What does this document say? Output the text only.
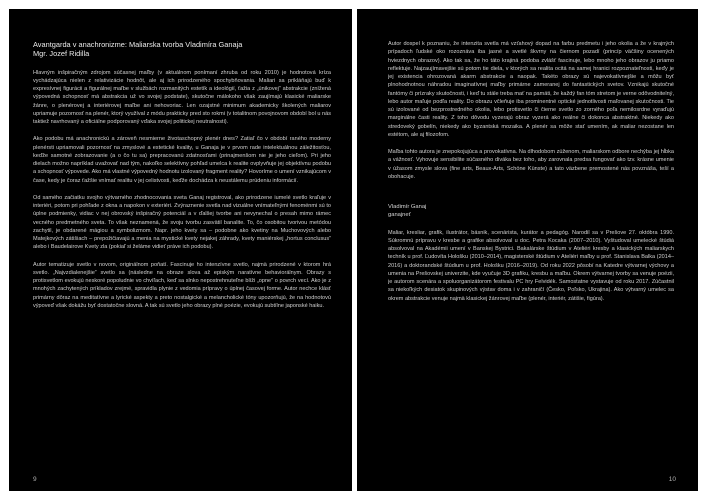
Avantgarda v anachronizme: Maliarska tvorba Vladimíra Ganaja
Mgr. Jozef Ridilla

Hlavným inšpiračným zdrojom súčasnej maľby (v aktuálnom ponímaní zhruba od roku 2010) je hodnotová kríza vychádzajúca nielen z relativizácie hodnôt, ale aj ich prirodzeného spochybňovania. Maliari sa prikláňajú buď k expresívnej figurácii a figurálnej maľbe v službách rozmanitých estetík a ideológií, ťažia z „únikovej” abstrakcie (znížená výpovedná schopnosť má abstrakcia už vo svojej podstate), skutočne málokoho však zaujímajú klasické maliarske žánre, o plenérovej a interiérovej maľbe ani nehovoriac. Len ozajstné minimum akademicky školených maliarov upriamuje pozornosť na plenér, ktorý využíval z módu prakticky pred sto rokmi (v totalitnom povojnovom období bol u nás taktiež navrhovaný a oficiálne podporovaný vďaka svojej politickej neutralnosti).

Ako podobu má anachronickú a zároveň nesmierne životaschopný plenér dnes? Zatiaľ čo v období raného moderny plenérsti upriamovali pozornosť na zmyslové a estetické kvality, u Ganaja je v prvom rade intelektuálnou záležitosťou, keďže samotné zobrazovanie (a o čo tu sa) prepracovanú zdatnosťami (prinajmenšom nie je jeho cieľom). Pri jeho dielach možno napríklad uvažovať nad tým, nakoľko selektívny pohľad umelca k realite ovplyvňuje jej objektívnu podobu a schopnosť výpovede. Ako má vlastné výpovedný hodnotu izolovaný fragment reality? Hovoríme o umení vznikajúcom v čase, kedy je čoraz ťažšie vnímať realitu v jej celistvosti, keďže dochádza k neustálemu prúdeniu informácií.

Od samého začiatku svojho výtvarného zhodnocovania sveta Ganaj registroval, ako prirodzene iumelé svetlo kraľuje v interiéri, potom pri pohľade z okna a napokon v exteriéri. Zvýraznenie svetla nad vizuálne vnímateľnými fenoménmi sú to úplne podmienky, vidiac v nej obrovský inšpiračný potenciál a v ďalšej tvorbe ani nevynechal o presah mimo rámec vecného predmetného sveta. To však neznamená, že svoju tvorbu zasvätil banalite. To, čo osobitou tvorivou metódou zachytil, je obdarené mágiou a symbolizmom. Napr. jeho kvety sa – podobne ako kvetiny na Muchovových alebo Matejkových zátišiach – prepožičiavajú a menia na mystické kvety nejakej záhrady, kvety maniérskej „hortus conclusus” alebo i Baudelairove Kvety zla (pokiaľ si želáme vidieť práve ich podobu).

Autor tematizuje svetlo v novom, originálnom poňatí. Fascinuje ho intenzívne svetlo, najmä prirodzené v ktorom hrá svetlo. „Najvzdialenejšie” svetlo sa (následne na obraze slova až epiským naratívne behaviorálnym. Obrazy s protisvetlom evokujú neskoré popoludnie vo chvíľach, keď sa slnko nepostrehnuteľne blíži „opne” o povrch vecí. Ako je z mnohých zachytených príkladov zrejmé, spravidla plynie z vedomia prípravy o úplnej časovej forme. Autor nechce klásť primárny dôraz na meditatívne a lyrické aspekty a preto nostalgické a melancholické tóny upozorňujú, že na hodnotovú výpoveď však dokážu byť dostatočne slovná. A tak sú svetlo jeho obrazy plné poézie, evokujú subtílne japonské haiku.

9

Autor dospel k poznaniu, že intenzita svetla má vzťahový dopad na farbu predmetu i jeho okolia a že v krajných prípadoch ľudské oko rozoznáva iba jasné a svetlé škvrny na čiernom pozadí (princíp väčšiny ocenených hviezdnych obrazov). Ako tak sa, že ho táto krajiná podoba zvlášť fascinuje, lebo mnoho jeho obrazov ju priamo reflektuje. Najzaujímavejšie sú potom tie diela, v ktorých sa realita ocitá na samej hranici rozpoznateľnosti, keďy je jej existencia ohrozovaná akarm abstrakcie a naopak. Takéto obrazy sú najevokatívnejšie a môžu byť plnohodnotnou náhradou imaginatívnej maľby primárne zameranej do fantastických svetov. Vznikajú skutočné fantómy či prízraky skutočnosti, i keď tu stále treba mať na pamäti, že každý fan tóm stretom je verne odôvodnitelný, lebo autor maľuje podľa reality. Do obrazu včleňuje iba prominentné optické jednotlivosti maľovanej skutočnosti. Tie sú izolované od bezprostredného okolia, lebo protisvetlo či čierne svetlo zo zorného poľa nemilosrdne vyraďujú marginálne časti reality. Z toho dôvodu vyzerajú obraz vyzerá ako reálne či dokonca abstraktné. Niekedy ako stredoveký gobelín, niekedy ako byzantská mozaika. A plenér sa môže stať umením, ak maliar nezostane len estétom, ale aj filozofom.

Maľba tohto autora je znepokojujúca a provokatívna. Na dlhodobom zúženom, maliarskom odbore nechýba jej hĺbka a vážnosť. Vyhovuje sensibilite súčasného diváka bez toho, aby zarovnala predsa fungovať ako tzv. krásne umenie v úžasom zmysle slova (fine arts, Beaux-Arts, Schöne Künste) a tato väzbene premostené nás povznáša, teší a obohacuje.

Vladimír Ganaj
ganajneť

Maliar, kresliar, grafik, ilustrátor, básnik, scenárista, kurátor a pedagóg. Narodil sa v Prešove 27. októbra 1990. Súkromnú prípravu v kresbe a grafike absolvoval u doc. Petra Kocaka (2007–2010). Vyštudoval umelecké štúdiá absolvoval na Akadémii umení v Banskej Bystrici. Bakalárske štúdium v Ateliéri kresby a klasických maliarskych techník u prof. Ľudovíta Hološku (2010–2014), magisterské štúdium v Ateliéri maľby u prof. Stanislava Balka (2014–2016) a doktorandské štúdium u prof. Hološku (2016–2019). Od roku 2022 pôsobí na Katedre výtvarnej výchovy a umenia na Prešovskej univerzite, kde vyučuje 3D grafiku, kresbu a maľbu. Okrem výtvarnej tvorby sa venuje poézii, je autorom scenára a spoluorganizátorom festivalu PC hry Felvidék. Samostatne vystavuje od roku 2017. Zúčastnil sa niekoľkých desiatok skupinových výstav doma i v zahraničí (Česko, Poľsko, Ukrajina). Ako výtvarný umelec sa okrem abstrakcie venuje najmä klasickej žánrovej maľbe (plenér, interiér, zátišie, figúra).

10
